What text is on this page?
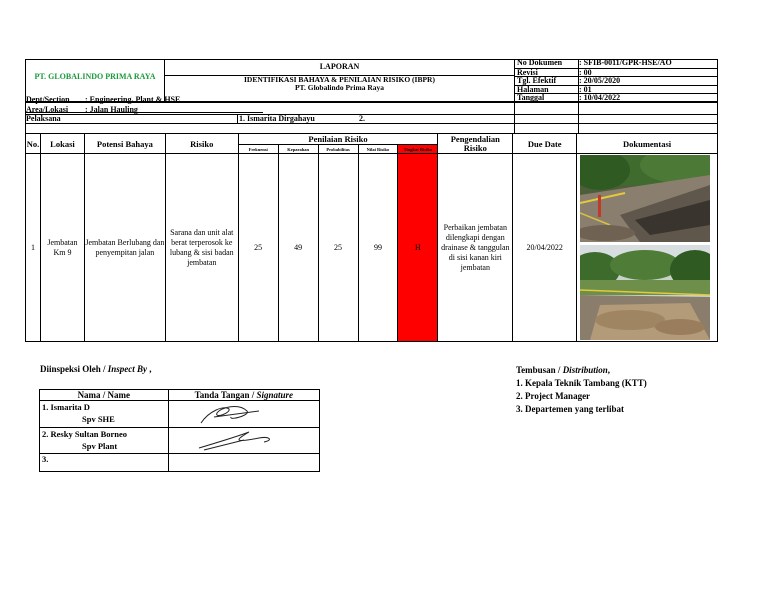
PT. GLOBALINDO PRIMA RAYA
LAPORAN
IDENTIFIKASI BAHAYA & PENILAIAN RISIKO (IBPR)
PT. Globalindo Prima Raya
No Dokumen : SFIB-0011/GPR-HSE/AO
Revisi	: 00
Tgl. Efektif	: 20/05/2020
Halaman	: 01
Tanggal	: 10/04/2022
Dept/Section : Engineering, Plant & HSE
Area/Lokasi : Jalan Hauling
Pelaksana	1. Ismarita Dirgahayu	2.
No.	Lokasi	Potensi Bahaya	Risiko	Penilaian Risiko					Pengendalian Risiko	Due Date	Dokumentasi
				Frekuensi	Keparahan	Probabilitas	Nilai Risiko	Tingkat Risiko			
1	Jembatan Km 9	Jembatan Berlubang dan penyempitan jalan	Sarana dan unit alat berat terperosok ke lubang & sisi badan jembatan	25	49	25	99	H	Perbaikan jembatan dilengkapi dengan drainase & tanggulan di sisi kanan kiri jembatan	20/04/2022	
Diinspeksi Oleh / Inspect By ,
Nama / Name	Tanda Tangan / Signature

1. Ismarita D
Spv SHE

2. Resky Sultan Borneo
Spv Plant

3.	

Tembusan / Distribution,
1. Kepala Teknik Tambang (KTT)
2. Project Manager
3. Departemen yang terlibat
